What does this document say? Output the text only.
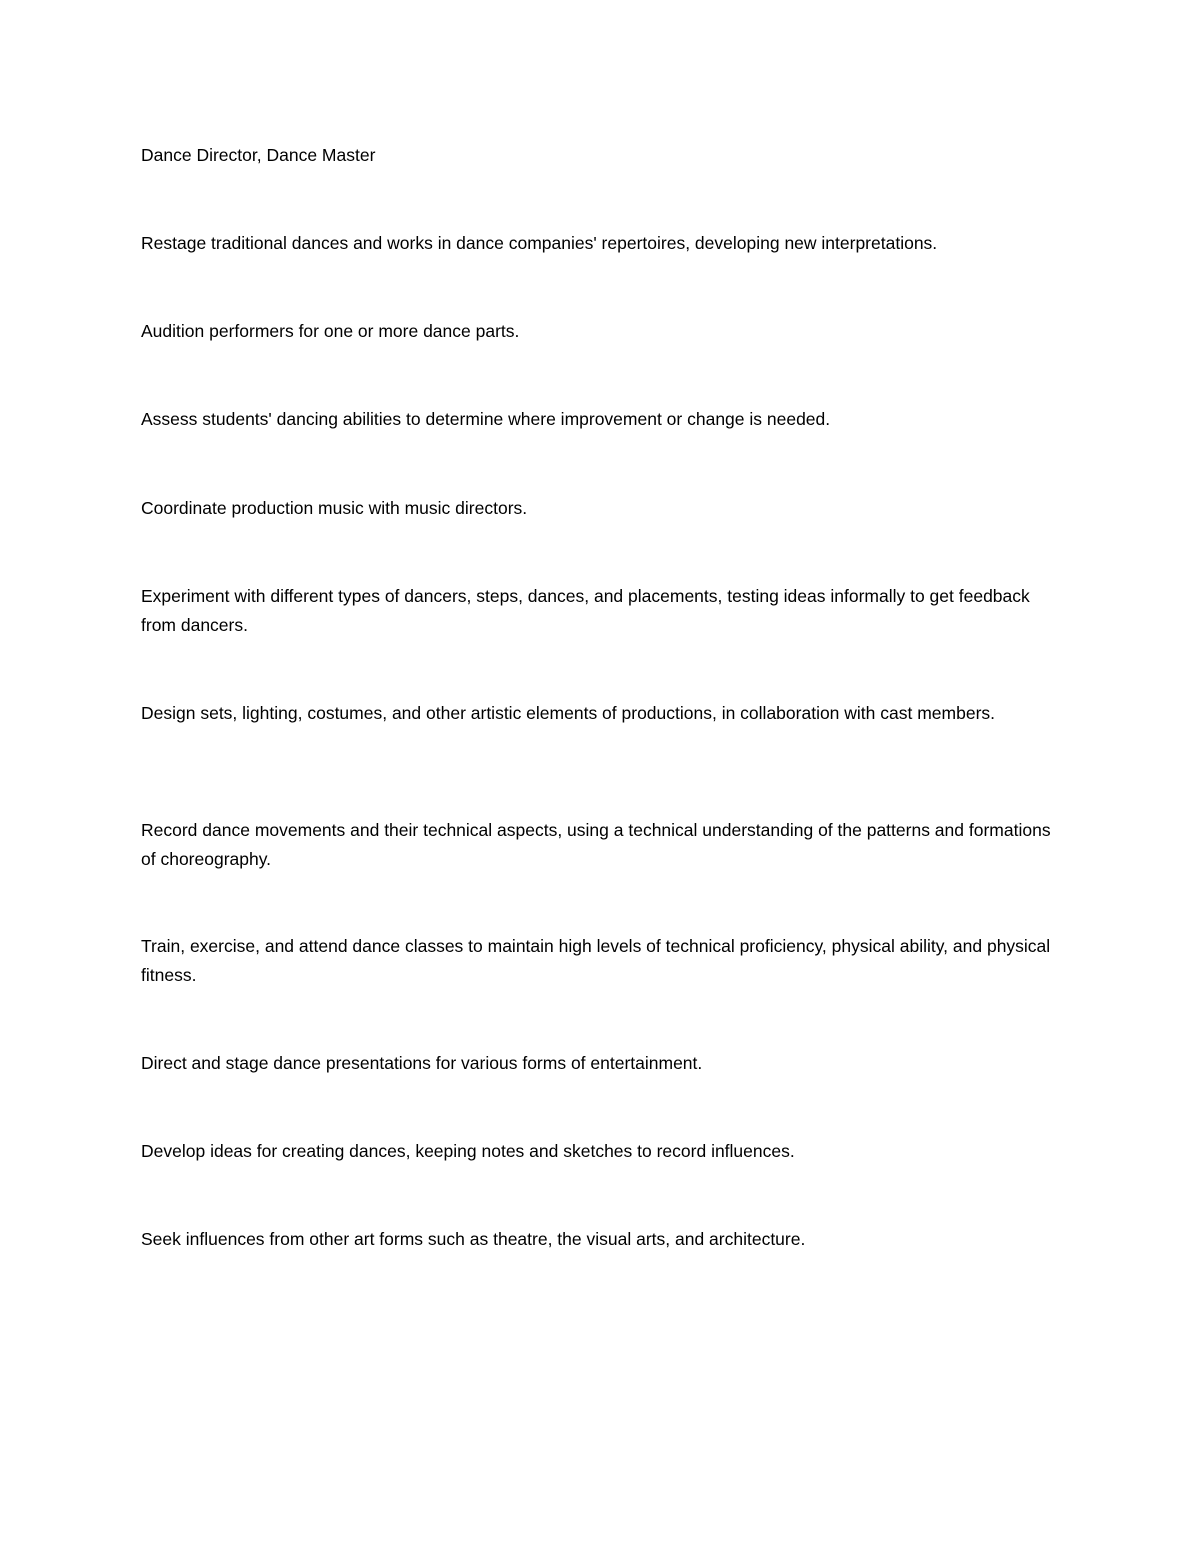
Dance Director, Dance Master

Restage traditional dances and works in dance companies' repertoires, developing new interpretations.

Audition performers for one or more dance parts.

Assess students' dancing abilities to determine where improvement or change is needed.

Coordinate production music with music directors.

Experiment with different types of dancers, steps, dances, and placements, testing ideas informally to get feedback from dancers.

Design sets, lighting, costumes, and other artistic elements of productions, in collaboration with cast members.

Record dance movements and their technical aspects, using a technical understanding of the patterns and formations of choreography.

Train, exercise, and attend dance classes to maintain high levels of technical proficiency, physical ability, and physical fitness.

Direct and stage dance presentations for various forms of entertainment.

Develop ideas for creating dances, keeping notes and sketches to record influences.

Seek influences from other art forms such as theatre, the visual arts, and architecture.
